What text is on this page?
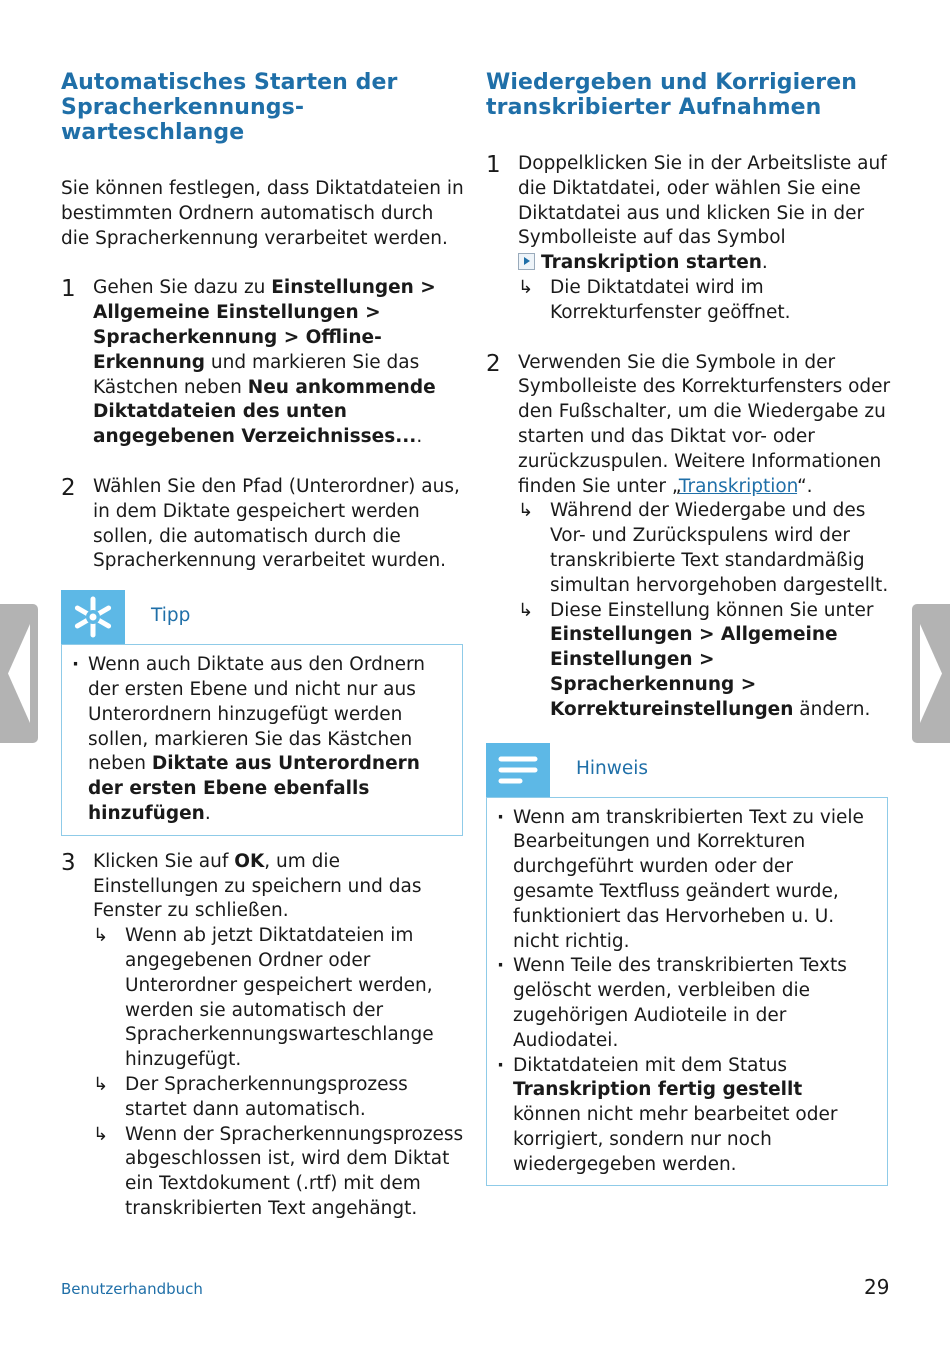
Automatisches Starten der Spracherkennungs-warteschlange

Sie können festlegen, dass Diktatdateien in bestimmten Ordnern automatisch durch die Spracherkennung verarbeitet werden.

1 Gehen Sie dazu zu Einstellungen > Allgemeine Einstellungen > Spracherkennung > Offline-Erkennung und markieren Sie das Kästchen neben Neu ankommende Diktatdateien des unten angegebenen Verzeichnisses....

2 Wählen Sie den Pfad (Unterordner) aus, in dem Diktate gespeichert werden sollen, die automatisch durch die Spracherkennung verarbeitet wurden.

Tipp
· Wenn auch Diktate aus den Ordnern der ersten Ebene und nicht nur aus Unterordnern hinzugefügt werden sollen, markieren Sie das Kästchen neben Diktate aus Unterordnern der ersten Ebene ebenfalls hinzufügen.
3 Klicken Sie auf OK, um die Einstellungen zu speichern und das Fenster zu schließen.

↳ Wenn ab jetzt Diktatdateien im angegebenen Ordner oder Unterordner gespeichert werden, werden sie automatisch der Spracherkennungswarteschlange hinzugefügt.

↳ Der Spracherkennungsprozess startet dann automatisch.

↳ Wenn der Spracherkennungsprozess abgeschlossen ist, wird dem Diktat ein Textdokument (.rtf) mit dem transkribierten Text angehängt.

Wiedergeben und Korrigieren transkribierter Aufnahmen
1 Doppelklicken Sie in der Arbeitsliste auf die Diktatdatei, oder wählen Sie eine Diktatdatei aus und klicken Sie in der Symbolleiste auf das Symbol
Transkription starten.

↳ Die Diktatdatei wird im Korrekturfenster geöffnet.

2 Verwenden Sie die Symbole in der Symbolleiste des Korrekturfensters oder den Fußschalter, um die Wiedergabe zu starten und das Diktat vor- oder zurückzuspulen. Weitere Informationen finden Sie unter „Transkription“.

↳ Während der Wiedergabe und des Vor- und Zurückspulens wird der transkribierte Text standardmäßig simultan hervorgehoben dargestellt.

↳ Diese Einstellung können Sie unter Einstellungen > Allgemeine Einstellungen > Spracherkennung > Korrektureinstellungen ändern.

Hinweis
· Wenn am transkribierten Text zu viele Bearbeitungen und Korrekturen durchgeführt wurden oder der gesamte Textfluss geändert wurde, funktioniert das Hervorheben u. U. nicht richtig.
· Wenn Teile des transkribierten Texts gelöscht werden, verbleiben die zugehörigen Audioteile in der Audiodatei.
· Diktatdateien mit dem Status Transkription fertig gestellt können nicht mehr bearbeitet oder korrigiert, sondern nur noch wiedergegeben werden.
Benutzerhandbuch	29
